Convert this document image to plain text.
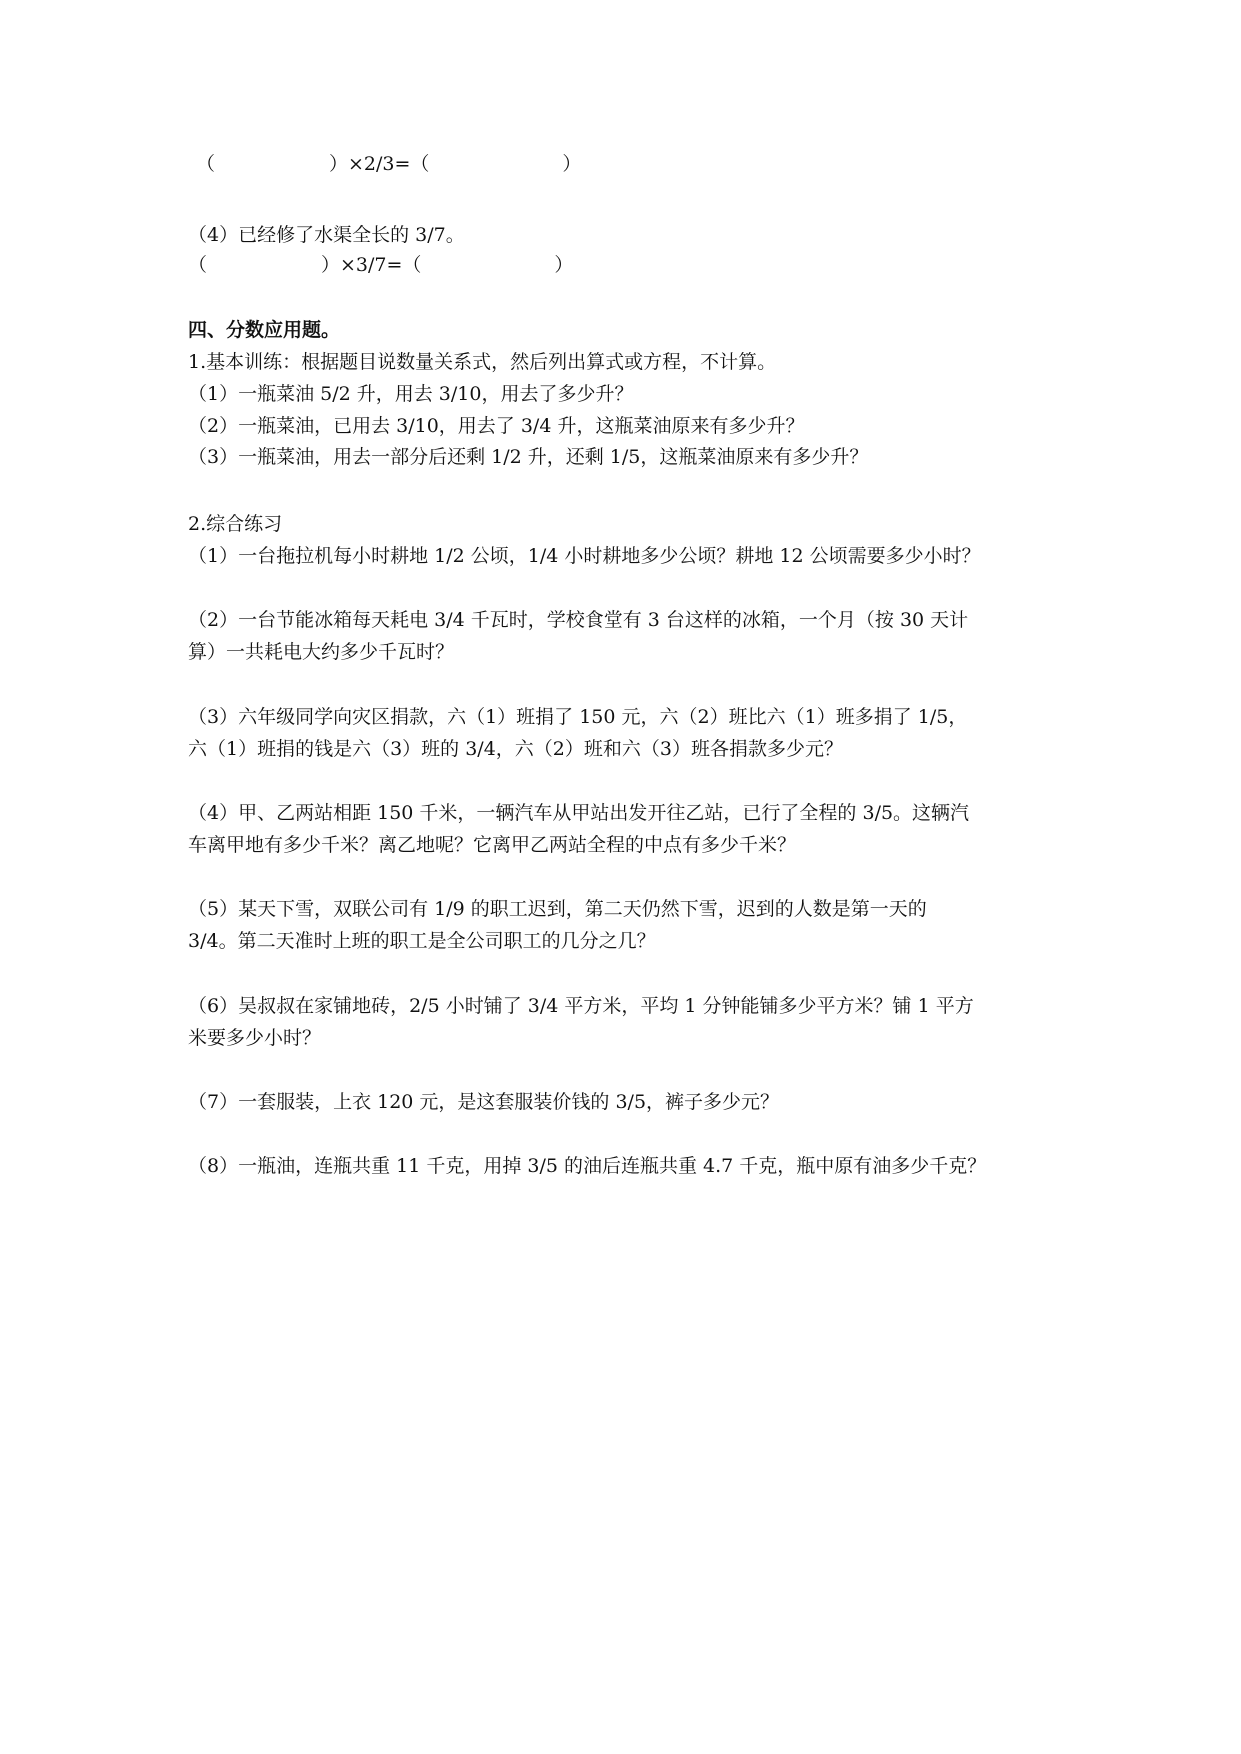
（　　　　　　）×2/3=（　　　　　　　）
（4）已经修了水渠全长的 3/7。
（　　　　　　）×3/7=（　　　　　　　）
四、分数应用题。
1.基本训练：根据题目说数量关系式，然后列出算式或方程，不计算。
（1）一瓶菜油 5/2 升，用去 3/10，用去了多少升？
（2）一瓶菜油，已用去 3/10，用去了 3/4 升，这瓶菜油原来有多少升？
（3）一瓶菜油，用去一部分后还剩 1/2 升，还剩 1/5，这瓶菜油原来有多少升？
2.综合练习
（1）一台拖拉机每小时耕地 1/2 公顷，1/4 小时耕地多少公顷？耕地 12 公顷需要多少小时？
（2）一台节能冰箱每天耗电 3/4 千瓦时，学校食堂有 3 台这样的冰箱，一个月（按 30 天计
算）一共耗电大约多少千瓦时？
（3）六年级同学向灾区捐款，六（1）班捐了 150 元，六（2）班比六（1）班多捐了 1/5，
六（1）班捐的钱是六（3）班的 3/4，六（2）班和六（3）班各捐款多少元？
（4）甲、乙两站相距 150 千米，一辆汽车从甲站出发开往乙站，已行了全程的 3/5。这辆汽
车离甲地有多少千米？离乙地呢？它离甲乙两站全程的中点有多少千米？
（5）某天下雪，双联公司有 1/9 的职工迟到，第二天仍然下雪，迟到的人数是第一天的
3/4。第二天准时上班的职工是全公司职工的几分之几？
（6）吴叔叔在家铺地砖，2/5 小时铺了 3/4 平方米，平均 1 分钟能铺多少平方米？铺 1 平方
米要多少小时？
（7）一套服装，上衣 120 元，是这套服装价钱的 3/5，裤子多少元？
（8）一瓶油，连瓶共重 11 千克，用掉 3/5 的油后连瓶共重 4.7 千克，瓶中原有油多少千克？
